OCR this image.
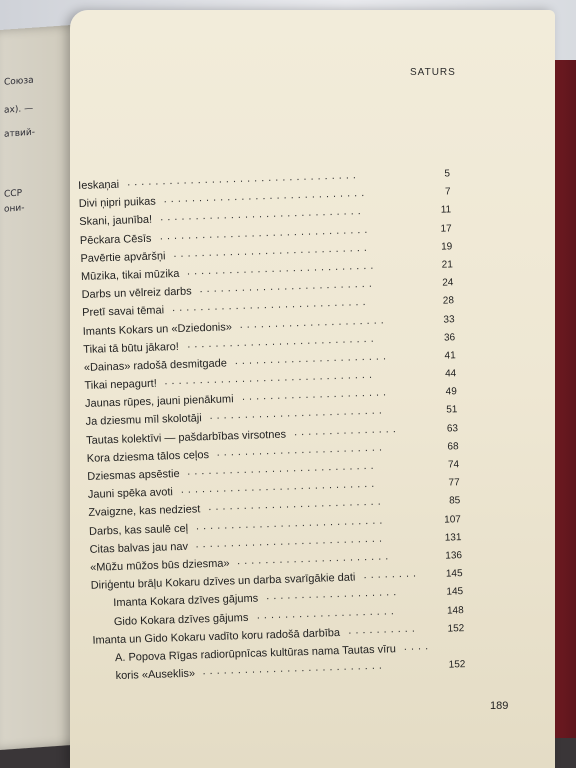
Союза
ах). —
атвий-
ССР
они-
SATURS
189
Ieskaņai .................................	5
Divi ņipri puikas .............................	7
Skani, jaunība! .............................	11
Pēckara Cēsīs ..............................	17
Pavērtie apvāršņi ............................	19
Mūzika, tikai mūzika ...........................	21
Darbs un vēlreiz darbs .........................	24
Pretī savai tēmai ............................	28
Imants Kokars un «Dziedonis» .....................	33
Tikai tā būtu jākaro! ...........................	36
«Dainas» radošā desmitgade ......................	41
Tikai nepagurt! ..............................	44
Jaunas rūpes, jauni pienākumi .....................	49
Ja dziesmu mīl skolotāji .........................	51
Tautas kolektīvi — pašdarbības virsotnes ...............	63
Kora dziesma tālos ceļos ........................	68
Dziesmas apsēstie ...........................	74
Jauni spēka avoti ............................	77
Zvaigzne, kas nedziest .........................	85
Darbs, kas saulē ceļ ...........................	107
Citas balvas jau nav ...........................	131
«Mūžu mūžos būs dziesma» ......................	136
Diriģentu brāļu Kokaru dzīves un darba svarīgākie dati ........	145
Imanta Kokara dzīves gājums ...................	145
Gido Kokara dzīves gājums ....................	148
Imanta un Gido Kokaru vadīto koru radošā darbība ..........	152
A. Popova Rīgas radiorūpnīcas kultūras nama Tautas vīru ....
koris «Auseklis» ..........................	152
